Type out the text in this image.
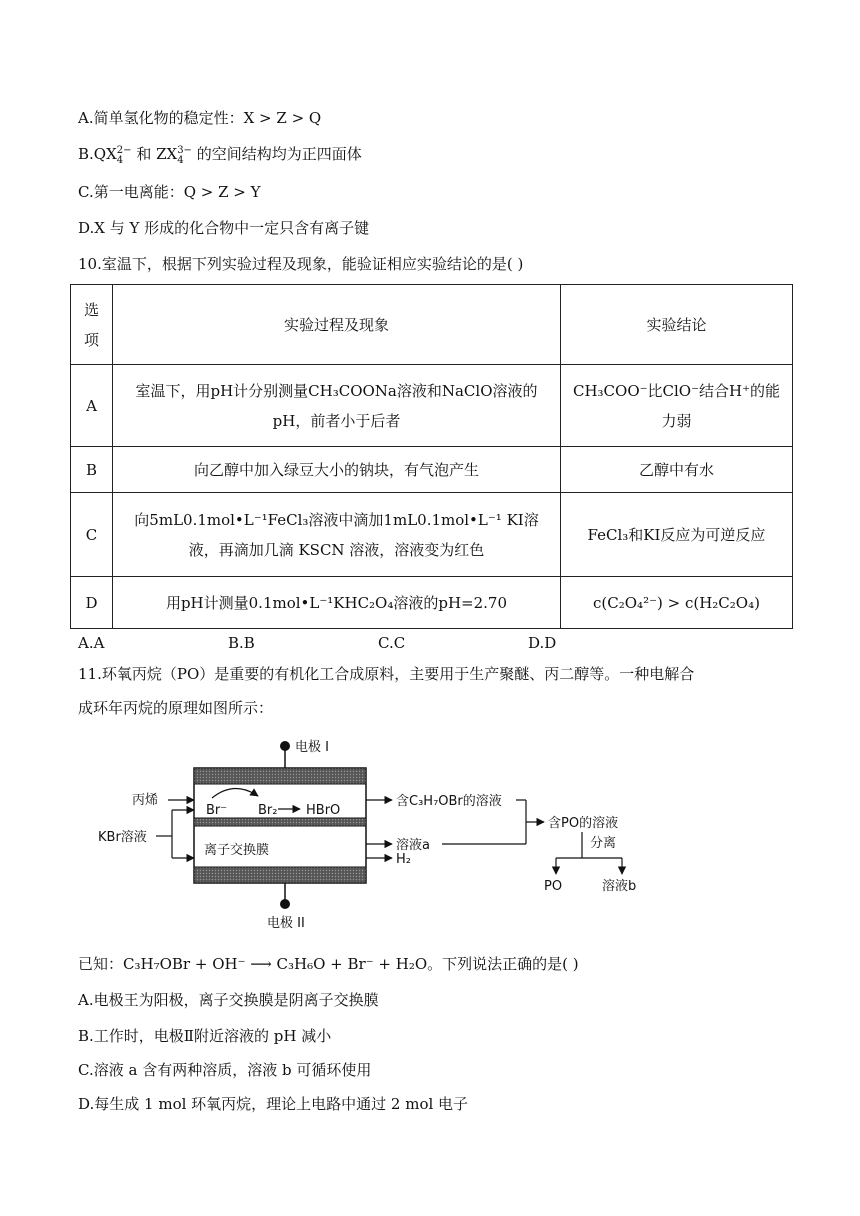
A.简单氢化物的稳定性：X > Z > Q
B.QX 2−
4 和 ZX 3−
4 的空间结构均为正四面体
C.第一电离能：Q > Z > Y
D.X 与 Y 形成的化合物中一定只含有离子键
10.室温下，根据下列实验过程及现象，能验证相应实验结论的是( )
选项	实验过程及现象	实验结论
A	室温下，用pH计分别测量CH₃COONa溶液和NaClO溶液的pH，前者小于后者	CH₃COO⁻比ClO⁻结合H⁺的能力弱
B	向乙醇中加入绿豆大小的钠块，有气泡产生	乙醇中有水
C	向5mL0.1mol•L⁻¹FeCl₃溶液中滴加1mL0.1mol•L⁻¹ KI溶液，再滴加几滴 KSCN 溶液，溶液变为红色	FeCl₃和KI反应为可逆反应
D	用pH计测量0.1mol•L⁻¹KHC₂O₄溶液的pH=2.70	c(C₂O₄²⁻) > c(H₂C₂O₄)
A.A	B.B	C.C	D.D
11.环氧丙烷（PO）是重要的有机化工合成原料，主要用于生产聚醚、丙二醇等。一种电解合
成环年丙烷的原理如图所示：
电极 I
电极 II
丙烯
KBr溶液
Br⁻ Br₂ HBrO
离子交换膜
含C₃H₇OBr的溶液
溶液a
H₂
含PO的溶液
分离
PO	溶液b
已知：C₃H₇OBr + OH⁻ ⟶ C₃H₆O + Br⁻ + H₂O。下列说法正确的是( )
A.电极王为阳极，离子交换膜是阴离子交换膜
B.工作时，电极Ⅱ附近溶液的 pH 减小
C.溶液 a 含有两种溶质，溶液 b 可循环使用
D.每生成 1 mol 环氧丙烷，理论上电路中通过 2 mol 电子
